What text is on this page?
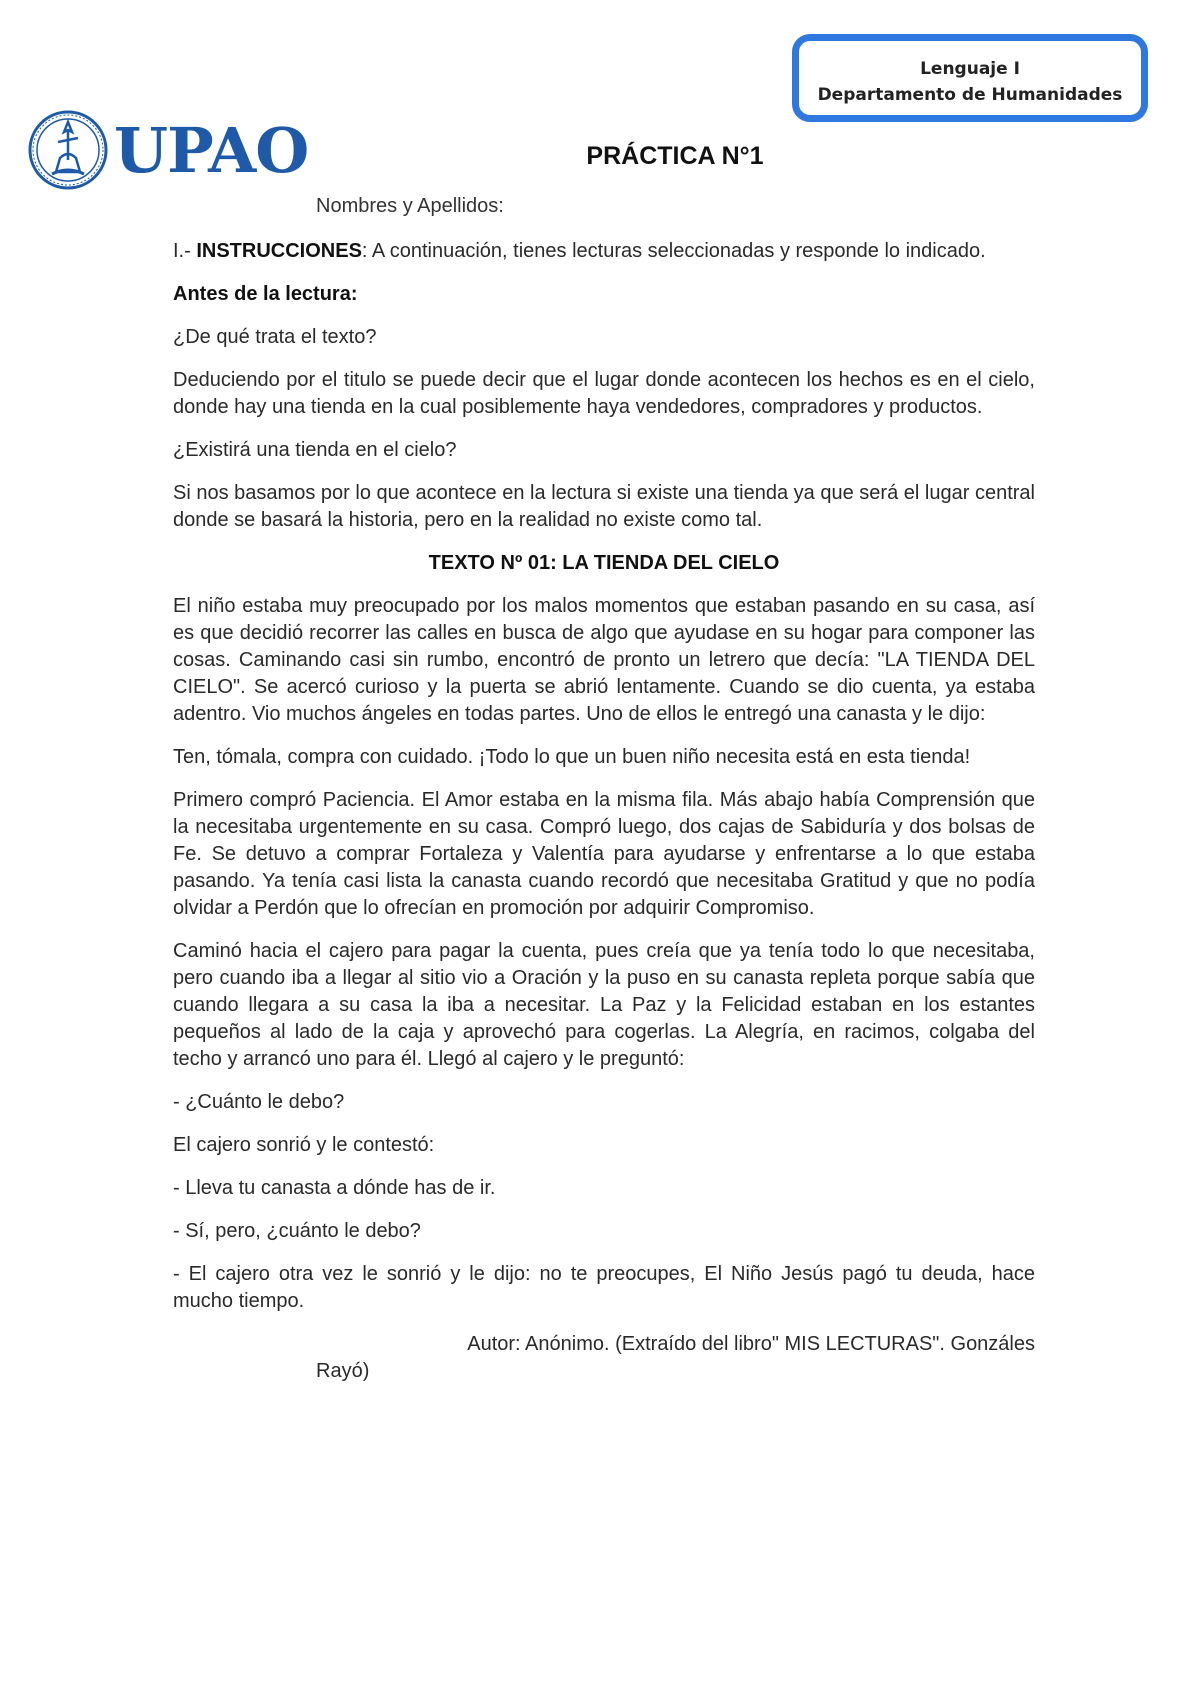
Lenguaje I
Departamento de Humanidades
UPAO	PRÁCTICA N°1
Nombres y Apellidos:

I.- INSTRUCCIONES: A continuación, tienes lecturas seleccionadas y responde lo indicado.

Antes de la lectura:

¿De qué trata el texto?

Deduciendo por el titulo se puede decir que el lugar donde acontecen los hechos es en el cielo, donde hay una tienda en la cual posiblemente haya vendedores, compradores y productos.

¿Existirá una tienda en el cielo?

Si nos basamos por lo que acontece en la lectura si existe una tienda ya que será el lugar central donde se basará la historia, pero en la realidad no existe como tal.

TEXTO Nº 01: LA TIENDA DEL CIELO

El niño estaba muy preocupado por los malos momentos que estaban pasando en su casa, así es que decidió recorrer las calles en busca de algo que ayudase en su hogar para componer las cosas. Caminando casi sin rumbo, encontró de pronto un letrero que decía: "LA TIENDA DEL CIELO". Se acercó curioso y la puerta se abrió lentamente. Cuando se dio cuenta, ya estaba adentro. Vio muchos ángeles en todas partes. Uno de ellos le entregó una canasta y le dijo:

Ten, tómala, compra con cuidado. ¡Todo lo que un buen niño necesita está en esta tienda!

Primero compró Paciencia. El Amor estaba en la misma fila. Más abajo había Comprensión que la necesitaba urgentemente en su casa. Compró luego, dos cajas de Sabiduría y dos bolsas de Fe. Se detuvo a comprar Fortaleza y Valentía para ayudarse y enfrentarse a lo que estaba pasando. Ya tenía casi lista la canasta cuando recordó que necesitaba Gratitud y que no podía olvidar a Perdón que lo ofrecían en promoción por adquirir Compromiso.

Caminó hacia el cajero para pagar la cuenta, pues creía que ya tenía todo lo que necesitaba, pero cuando iba a llegar al sitio vio a Oración y la puso en su canasta repleta porque sabía que cuando llegara a su casa la iba a necesitar. La Paz y la Felicidad estaban en los estantes pequeños al lado de la caja y aprovechó para cogerlas. La Alegría, en racimos, colgaba del techo y arrancó uno para él. Llegó al cajero y le preguntó:

- ¿Cuánto le debo?

El cajero sonrió y le contestó:

- Lleva tu canasta a dónde has de ir.

- Sí, pero, ¿cuánto le debo?

- El cajero otra vez le sonrió y le dijo: no te preocupes, El Niño Jesús pagó tu deuda, hace mucho tiempo.

Autor: Anónimo. (Extraído del libro" MIS LECTURAS". Gonzáles

Rayó)
